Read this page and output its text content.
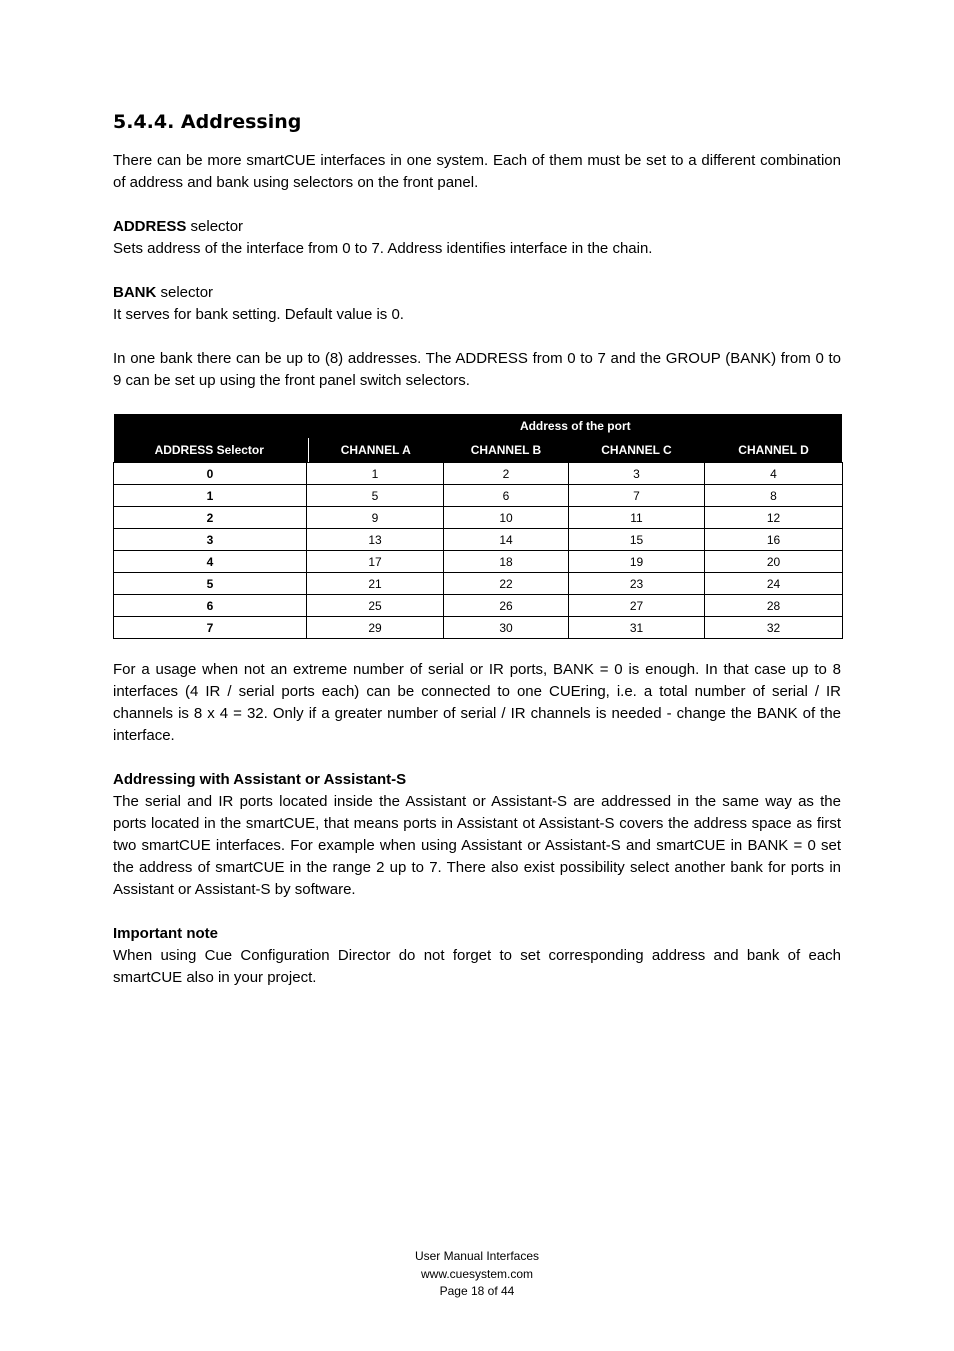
5.4.4. Addressing

There can be more smartCUE interfaces in one system. Each of them must be set to a different combination of address and bank using selectors on the front panel.

ADDRESS selector
Sets address of the interface from 0 to 7. Address identifies interface in the chain.

BANK selector
It serves for bank setting. Default value is 0.

In one bank there can be up to (8) addresses. The ADDRESS from 0 to 7 and the GROUP (BANK) from 0 to 9 can be set up using the front panel switch selectors.

	Address of the port			
ADDRESS Selector	CHANNEL A	CHANNEL B	CHANNEL C	CHANNEL D
0	1	2	3	4
1	5	6	7	8
2	9	10	11	12
3	13	14	15	16
4	17	18	19	20
5	21	22	23	24
6	25	26	27	28
7	29	30	31	32

For a usage when not an extreme number of serial or IR ports, BANK = 0 is enough. In that case up to 8 interfaces (4 IR / serial ports each) can be connected to one CUEring, i.e. a total number of serial / IR channels is 8 x 4 = 32. Only if a greater number of serial / IR channels is needed - change the BANK of the interface.

Addressing with Assistant or Assistant-S
The serial and IR ports located inside the Assistant or Assistant-S are addressed in the same way as the ports located in the smartCUE, that means ports in Assistant ot Assistant-S covers the address space as first two smartCUE interfaces. For example when using Assistant or Assistant-S and smartCUE in BANK = 0 set the address of smartCUE in the range 2 up to 7. There also exist possibility select another bank for ports in Assistant or Assistant-S by software.

Important note
When using Cue Configuration Director do not forget to set corresponding address and bank of each smartCUE also in your project.

User Manual Interfaces
www.cuesystem.com
Page 18 of 44
